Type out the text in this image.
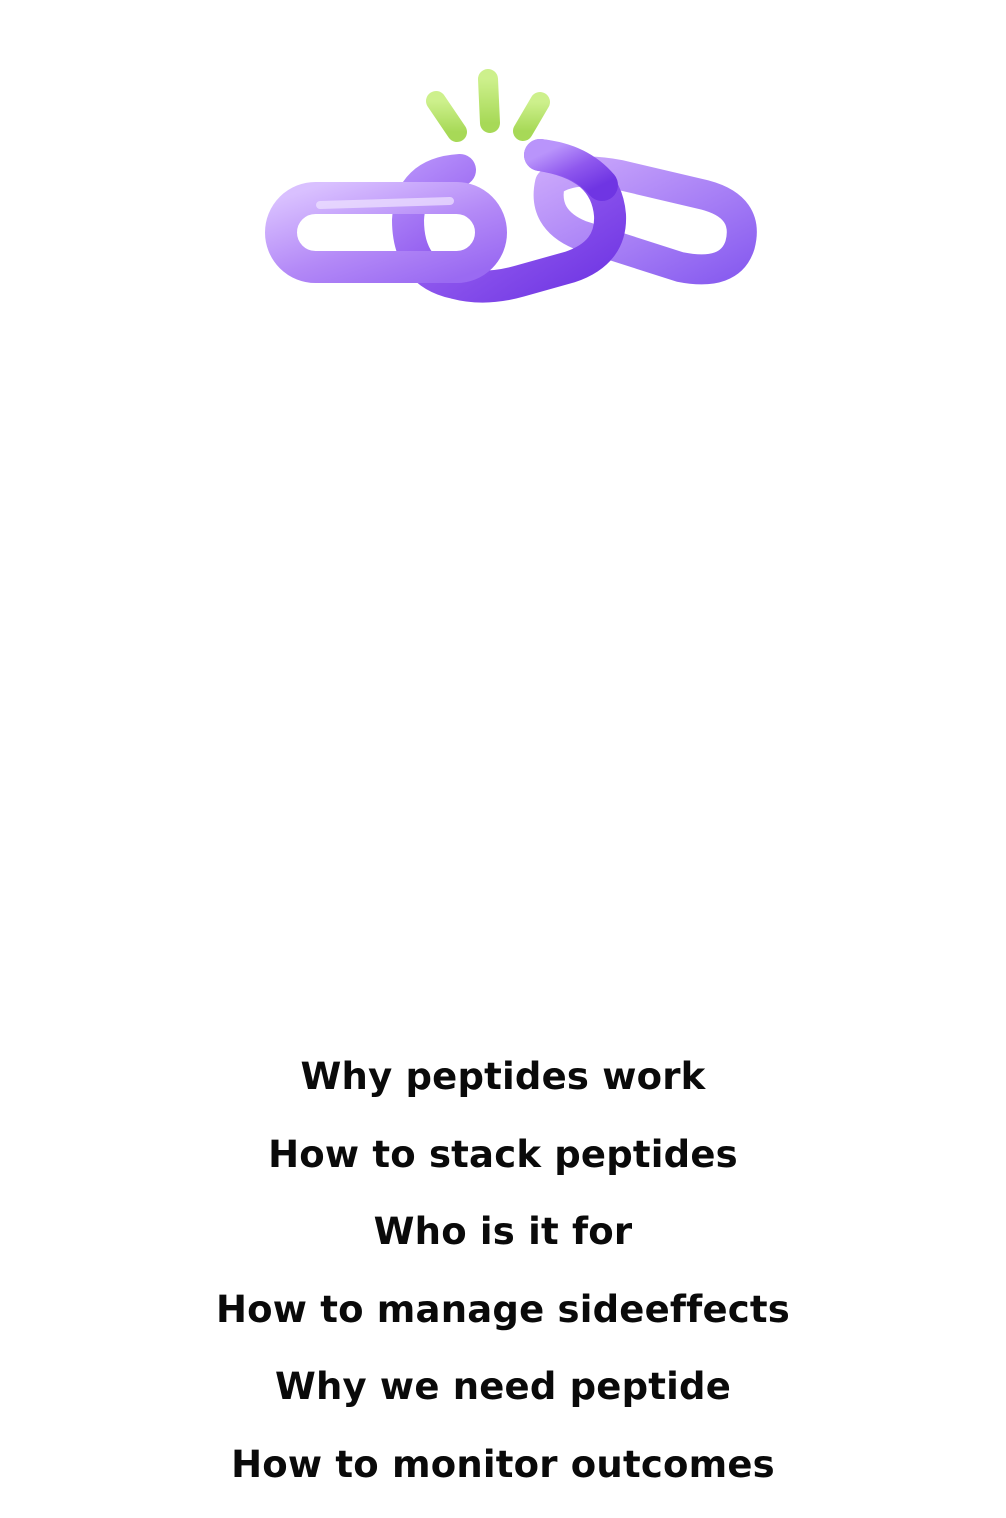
Why peptides work
How to stack peptides
Who is it for
How to manage sideeffects
Why we need peptide
How to monitor outcomes
